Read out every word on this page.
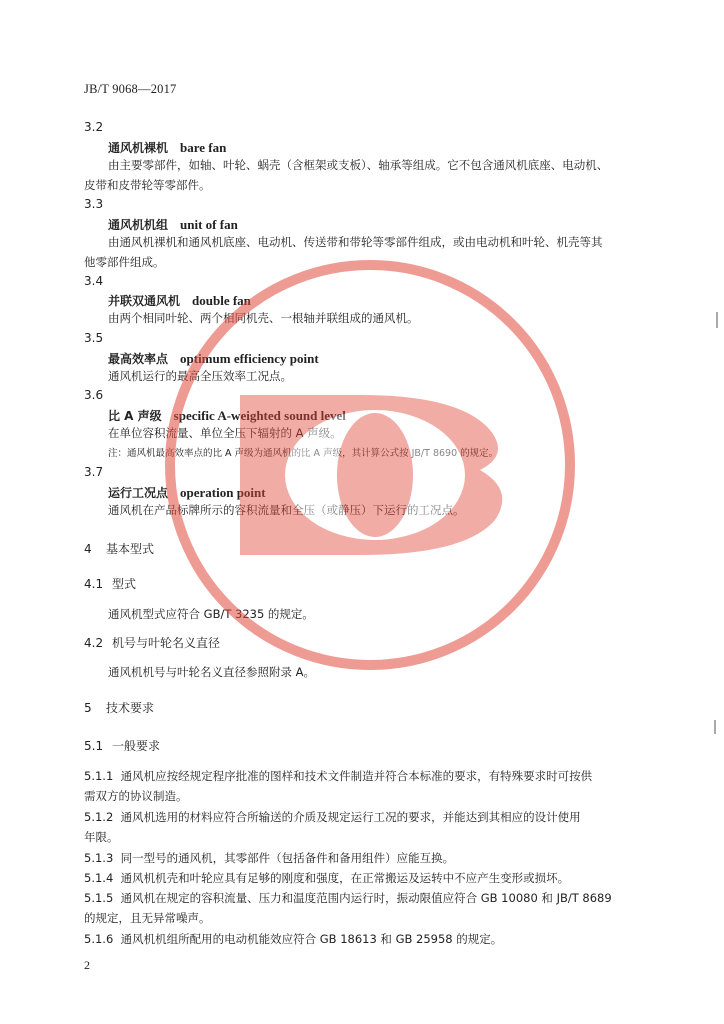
JB/T 9068—2017
3.2
通风机裸机 bare fan
由主要零部件，如轴、叶轮、蜗壳（含框架或支板）、轴承等组成。它不包含通风机底座、电动机、
皮带和皮带轮等零部件。
3.3
通风机机组 unit of fan
由通风机裸机和通风机底座、电动机、传送带和带轮等零部件组成，或由电动机和叶轮、机壳等其
他零部件组成。
3.4
并联双通风机 double fan
由两个相同叶轮、两个相同机壳、一根轴并联组成的通风机。
3.5
最高效率点 optimum efficiency point
通风机运行的最高全压效率工况点。
3.6
比 A 声级 specific A-weighted sound level
在单位容积流量、单位全压下辐射的 A 声级。
注：通风机最高效率点的比 A 声级为通风机的比 A 声级，其计算公式按 JB/T 8690 的规定。
3.7
运行工况点 operation point
通风机在产品标牌所示的容积流量和全压（或静压）下运行的工况点。
4 基本型式
4.1 型式
通风机型式应符合 GB/T 3235 的规定。
4.2 机号与叶轮名义直径
通风机机号与叶轮名义直径参照附录 A。
5 技术要求
5.1 一般要求
5.1.1 通风机应按经规定程序批准的图样和技术文件制造并符合本标准的要求，有特殊要求时可按供
需双方的协议制造。
5.1.2 通风机选用的材料应符合所输送的介质及规定运行工况的要求，并能达到其相应的设计使用
年限。
5.1.3 同一型号的通风机，其零部件（包括备件和备用组件）应能互换。
5.1.4 通风机机壳和叶轮应具有足够的刚度和强度，在正常搬运及运转中不应产生变形或损坏。
5.1.5 通风机在规定的容积流量、压力和温度范围内运行时，振动限值应符合 GB 10080 和 JB/T 8689
的规定，且无异常噪声。
5.1.6 通风机机组所配用的电动机能效应符合 GB 18613 和 GB 25958 的规定。
2
